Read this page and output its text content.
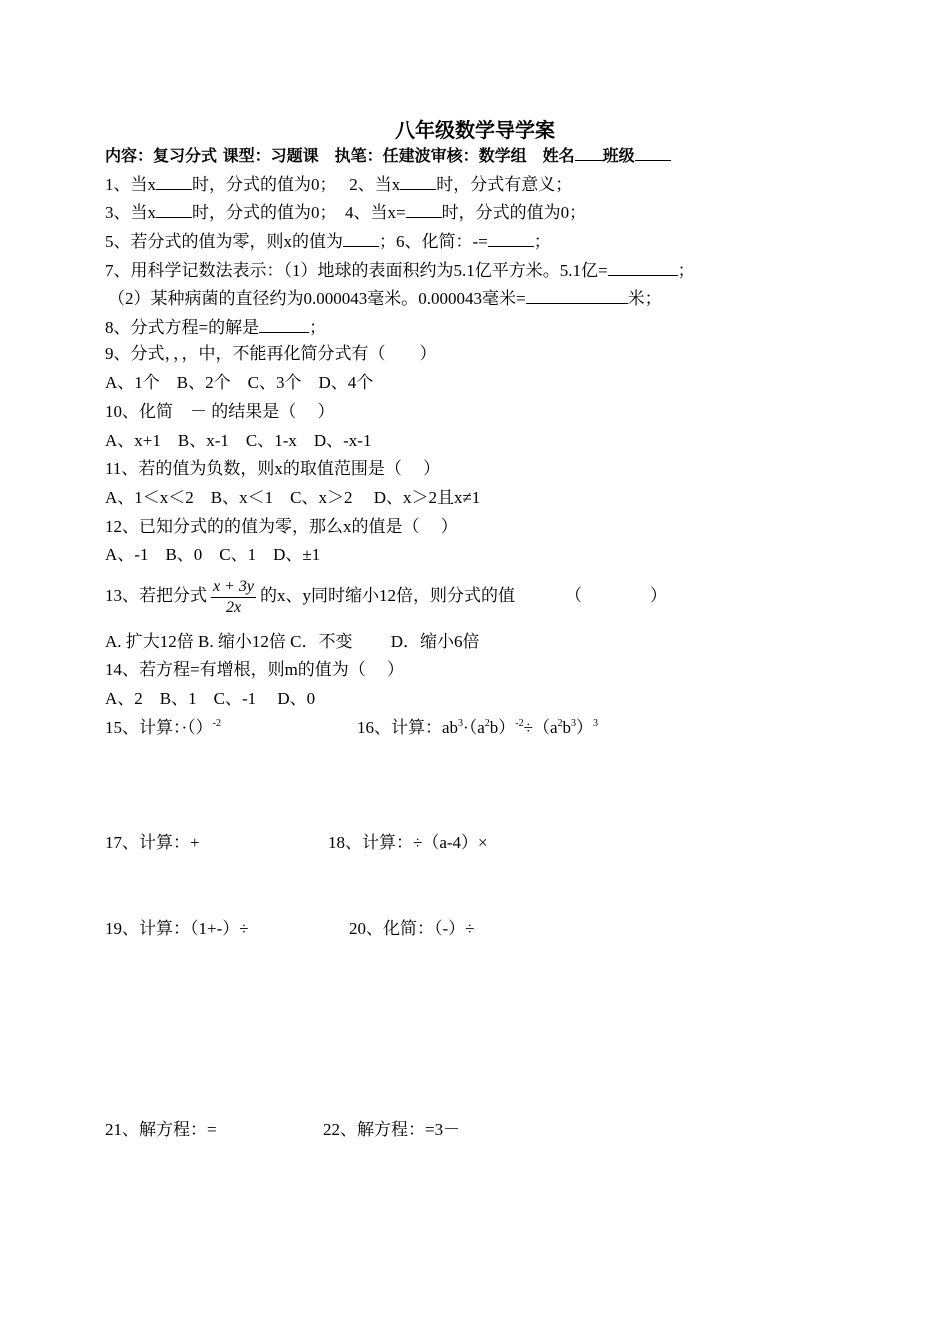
八年级数学导学案
内容：复习分式 课型：习题课　执笔：任建波审核：数学组　姓名 班级
1、当x 时，分式的值为0；　 2、当x 时，分式有意义；
3、当x 时，分式的值为0；　4、当x= 时，分式的值为0；
5、若分式的值为零，则x的值为 ；6、化简：-=	；
7、用科学记数法表示：（1）地球的表面积约为5.1亿平方米。5.1亿=	；
（2）某种病菌的直径约为0.000043毫米。0.000043毫米=	米；
8、分式方程=的解是	；
9、分式，，，中，不能再化简分式有（　　）
A、1个　B、2个　C、3个　D、4个
10、化简　－ 的结果是（　 ）
A、x+1　B、x-1　C、1-x　D、-x-1
11、若的值为负数，则x的取值范围是（　 ）
A、1＜x＜2　B、x＜1　C、x＞2　 D、x＞2且x≠1
12、已知分式的的值为零，那么x的值是（　 ）
A、-1　B、0　C、1　D、±1
13、若把分式 $\frac{x + 3y}{2x}$ 的x、y同时缩小12倍，则分式的值	（　　　　）
A. 扩大12倍 B. 缩小12倍 C．不变　　 D．缩小6倍
14、若方程=有增根，则m的值为（　 ）
A、2　B、1　C、-1　 D、0
15、计算：·（）$^{-2}$	16、计算：$ab^3\cdot(a^2b)^{-2}\div(a^2b^3)^3$
17、计算：+	18、计算：÷（a-4）×
19、计算：（1+-）÷	20、化简：（-）÷
21、解方程：=	22、解方程：=3－
